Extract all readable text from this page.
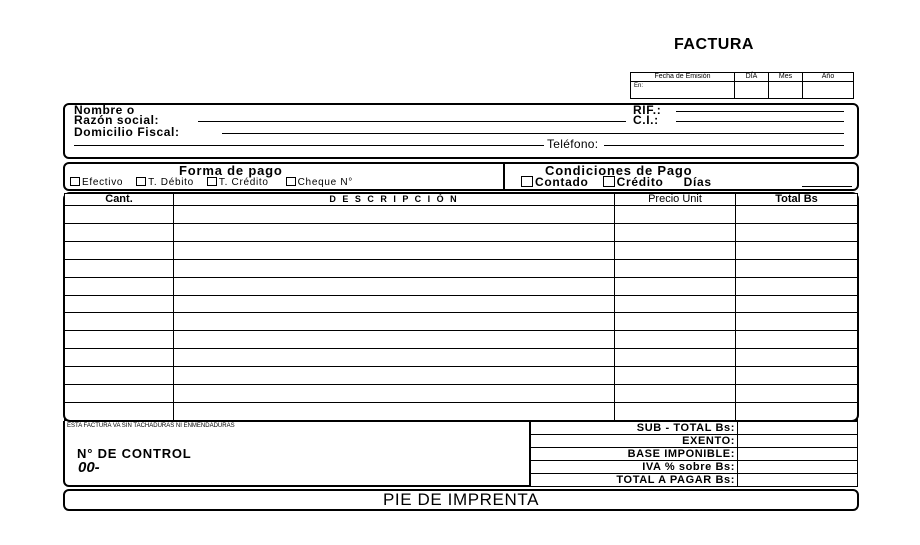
FACTURA
Fecha de Emisión	DÍA	Mes	Año
En:			
Nombre o
Razón social:
RIF.:
C.I.:
Domicilio Fiscal:
Teléfono:
Forma de pago
Efectivo T. Débito T. Crédito	Cheque N°
Condiciones de Pago
Contado Crédito Días
Cant.	D E S C R I P C I Ó N	Precio Unit	Total Bs

ESTA FACTURA VA SIN TACHADURAS NI ENMENDADURAS
N° DE CONTROL
00-
SUB - TOTAL Bs:	
EXENTO:	
BASE IMPONIBLE:	
IVA % sobre Bs:	
TOTAL A PAGAR Bs:	
PIE DE IMPRENTA
